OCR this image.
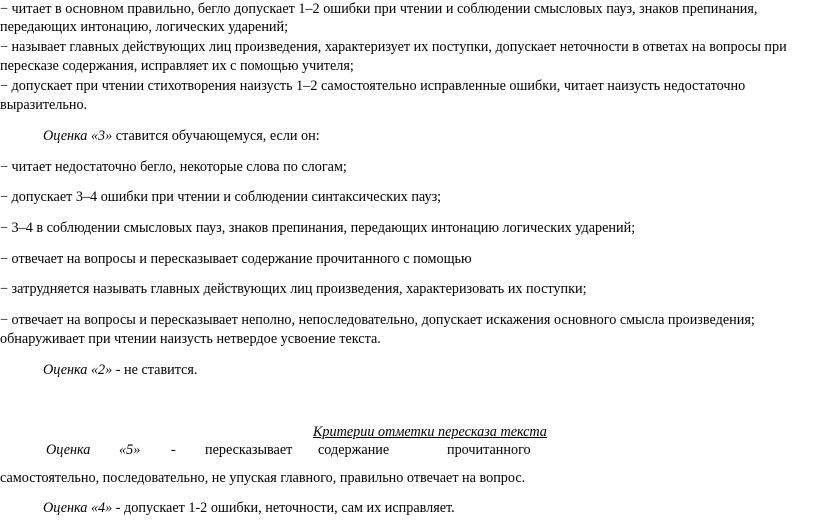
− читает в основном правильно, бегло допускает 1–2 ошибки при чтении и соблюдении смысловых пауз, знаков препинания,
передающих интонацию, логических ударений;
− называет главных действующих лиц произведения, характеризует их поступки, допускает неточности в ответах на вопросы при
пересказе содержания, исправляет их с помощью учителя;
− допускает при чтении стихотворения наизусть 1–2 самостоятельно исправленные ошибки, читает наизусть недостаточно
выразительно.
Оценка «3» ставится обучающемуся, если он:
− читает недостаточно бегло, некоторые слова по слогам;
− допускает 3–4 ошибки при чтении и соблюдении синтаксических пауз;
− 3–4 в соблюдении смысловых пауз, знаков препинания, передающих интонацию логических ударений;
− отвечает на вопросы и пересказывает содержание прочитанного с помощью
− затрудняется называть главных действующих лиц произведения, характеризовать их поступки;
− отвечает на вопросы и пересказывает неполно, непоследовательно, допускает искажения основного смысла произведения;
обнаруживает при чтении наизусть нетвердое усвоение текста.
Оценка «2» - не ставится.
Критерии отметки пересказа текста
Оценка «5» - пересказывает содержание	прочитанного
самостоятельно, последовательно, не упуская главного, правильно отвечает на вопрос.
Оценка «4» - допускает 1-2 ошибки, неточности, сам их исправляет.
